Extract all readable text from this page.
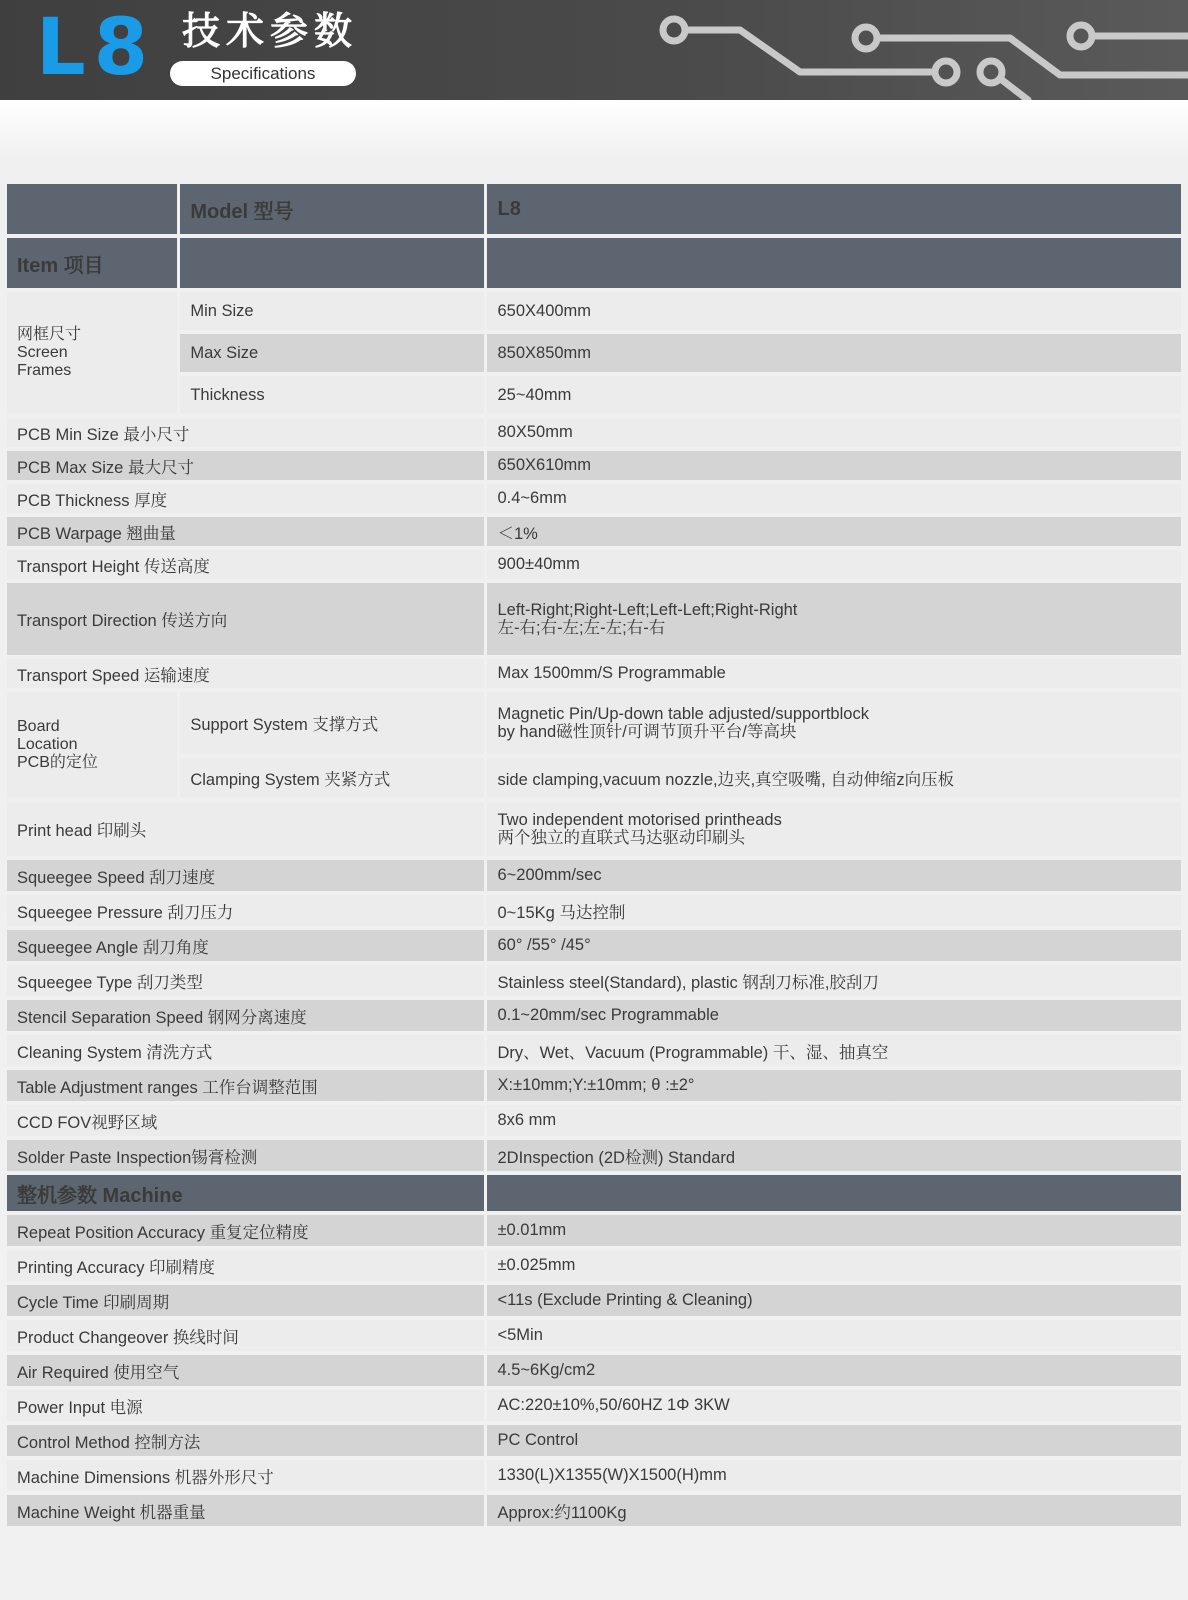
L8 技术参数
Specifications
	Model 型号	L8
Item 项目		
网框尺寸
Screen
Frames	Min Size	650X400mm
	Max Size	850X850mm
	Thickness	25~40mm
PCB Min Size 最小尺寸		80X50mm
PCB Max Size 最大尺寸		650X610mm
PCB Thickness 厚度		0.4~6mm
PCB Warpage 翘曲量		＜1%
Transport Height 传送高度		900±40mm
Transport Direction 传送方向		Left-Right;Right-Left;Left-Left;Right-Right
左-右;右-左;左-左;右-右
Transport Speed 运输速度		Max 1500mm/S Programmable
Board
Location
PCB的定位	Support System 支撑方式	Magnetic Pin/Up-down table adjusted/supportblock
by hand磁性顶针/可调节顶升平台/等高块
	Clamping System 夹紧方式	side clamping,vacuum nozzle,边夹,真空吸嘴, 自动伸缩z向压板
Print head 印刷头		Two independent motorised printheads
两个独立的直联式马达驱动印刷头
Squeegee Speed 刮刀速度		6~200mm/sec
Squeegee Pressure 刮刀压力		0~15Kg 马达控制
Squeegee Angle 刮刀角度		60° /55° /45°
Squeegee Type 刮刀类型		Stainless steel(Standard), plastic 钢刮刀标准,胶刮刀
Stencil Separation Speed 钢网分离速度		0.1~20mm/sec Programmable
Cleaning System 清洗方式		Dry、Wet、Vacuum (Programmable) 干、湿、抽真空
Table Adjustment ranges 工作台调整范围		X:±10mm;Y:±10mm; θ :±2°
CCD FOV视野区域		8x6 mm
Solder Paste Inspection锡膏检测		2DInspection (2D检测) Standard
整机参数 Machine		
Repeat Position Accuracy 重复定位精度		±0.01mm
Printing Accuracy 印刷精度		±0.025mm
Cycle Time 印刷周期		<11s (Exclude Printing & Cleaning)
Product Changeover 换线时间		<5Min
Air Required 使用空气		4.5~6Kg/cm2
Power Input 电源		AC:220±10%,50/60HZ 1Φ 3KW
Control Method 控制方法		PC Control
Machine Dimensions 机器外形尺寸		1330(L)X1355(W)X1500(H)mm
Machine Weight 机器重量		Approx:约1100Kg
